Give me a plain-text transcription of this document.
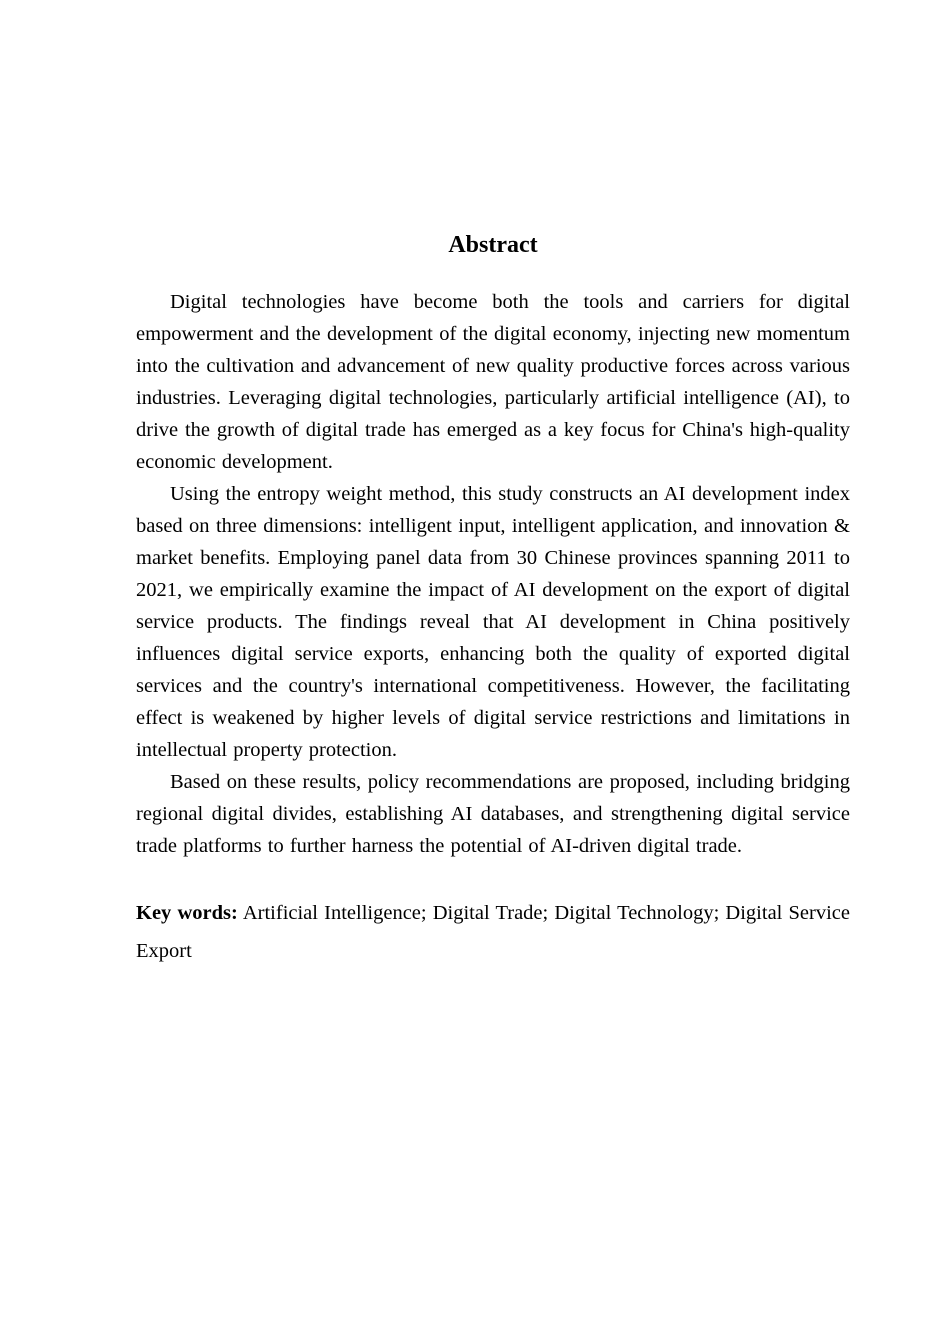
Abstract

Digital technologies have become both the tools and carriers for digital empowerment and the development of the digital economy, injecting new momentum into the cultivation and advancement of new quality productive forces across various industries. Leveraging digital technologies, particularly artificial intelligence (AI), to drive the growth of digital trade has emerged as a key focus for China's high-quality economic development.

Using the entropy weight method, this study constructs an AI development index based on three dimensions: intelligent input, intelligent application, and innovation & market benefits. Employing panel data from 30 Chinese provinces spanning 2011 to 2021, we empirically examine the impact of AI development on the export of digital service products. The findings reveal that AI development in China positively influences digital service exports, enhancing both the quality of exported digital services and the country's international competitiveness. However, the facilitating effect is weakened by higher levels of digital service restrictions and limitations in intellectual property protection.

Based on these results, policy recommendations are proposed, including bridging regional digital divides, establishing AI databases, and strengthening digital service trade platforms to further harness the potential of AI-driven digital trade.

Key words: Artificial Intelligence; Digital Trade; Digital Technology; Digital Service Export
